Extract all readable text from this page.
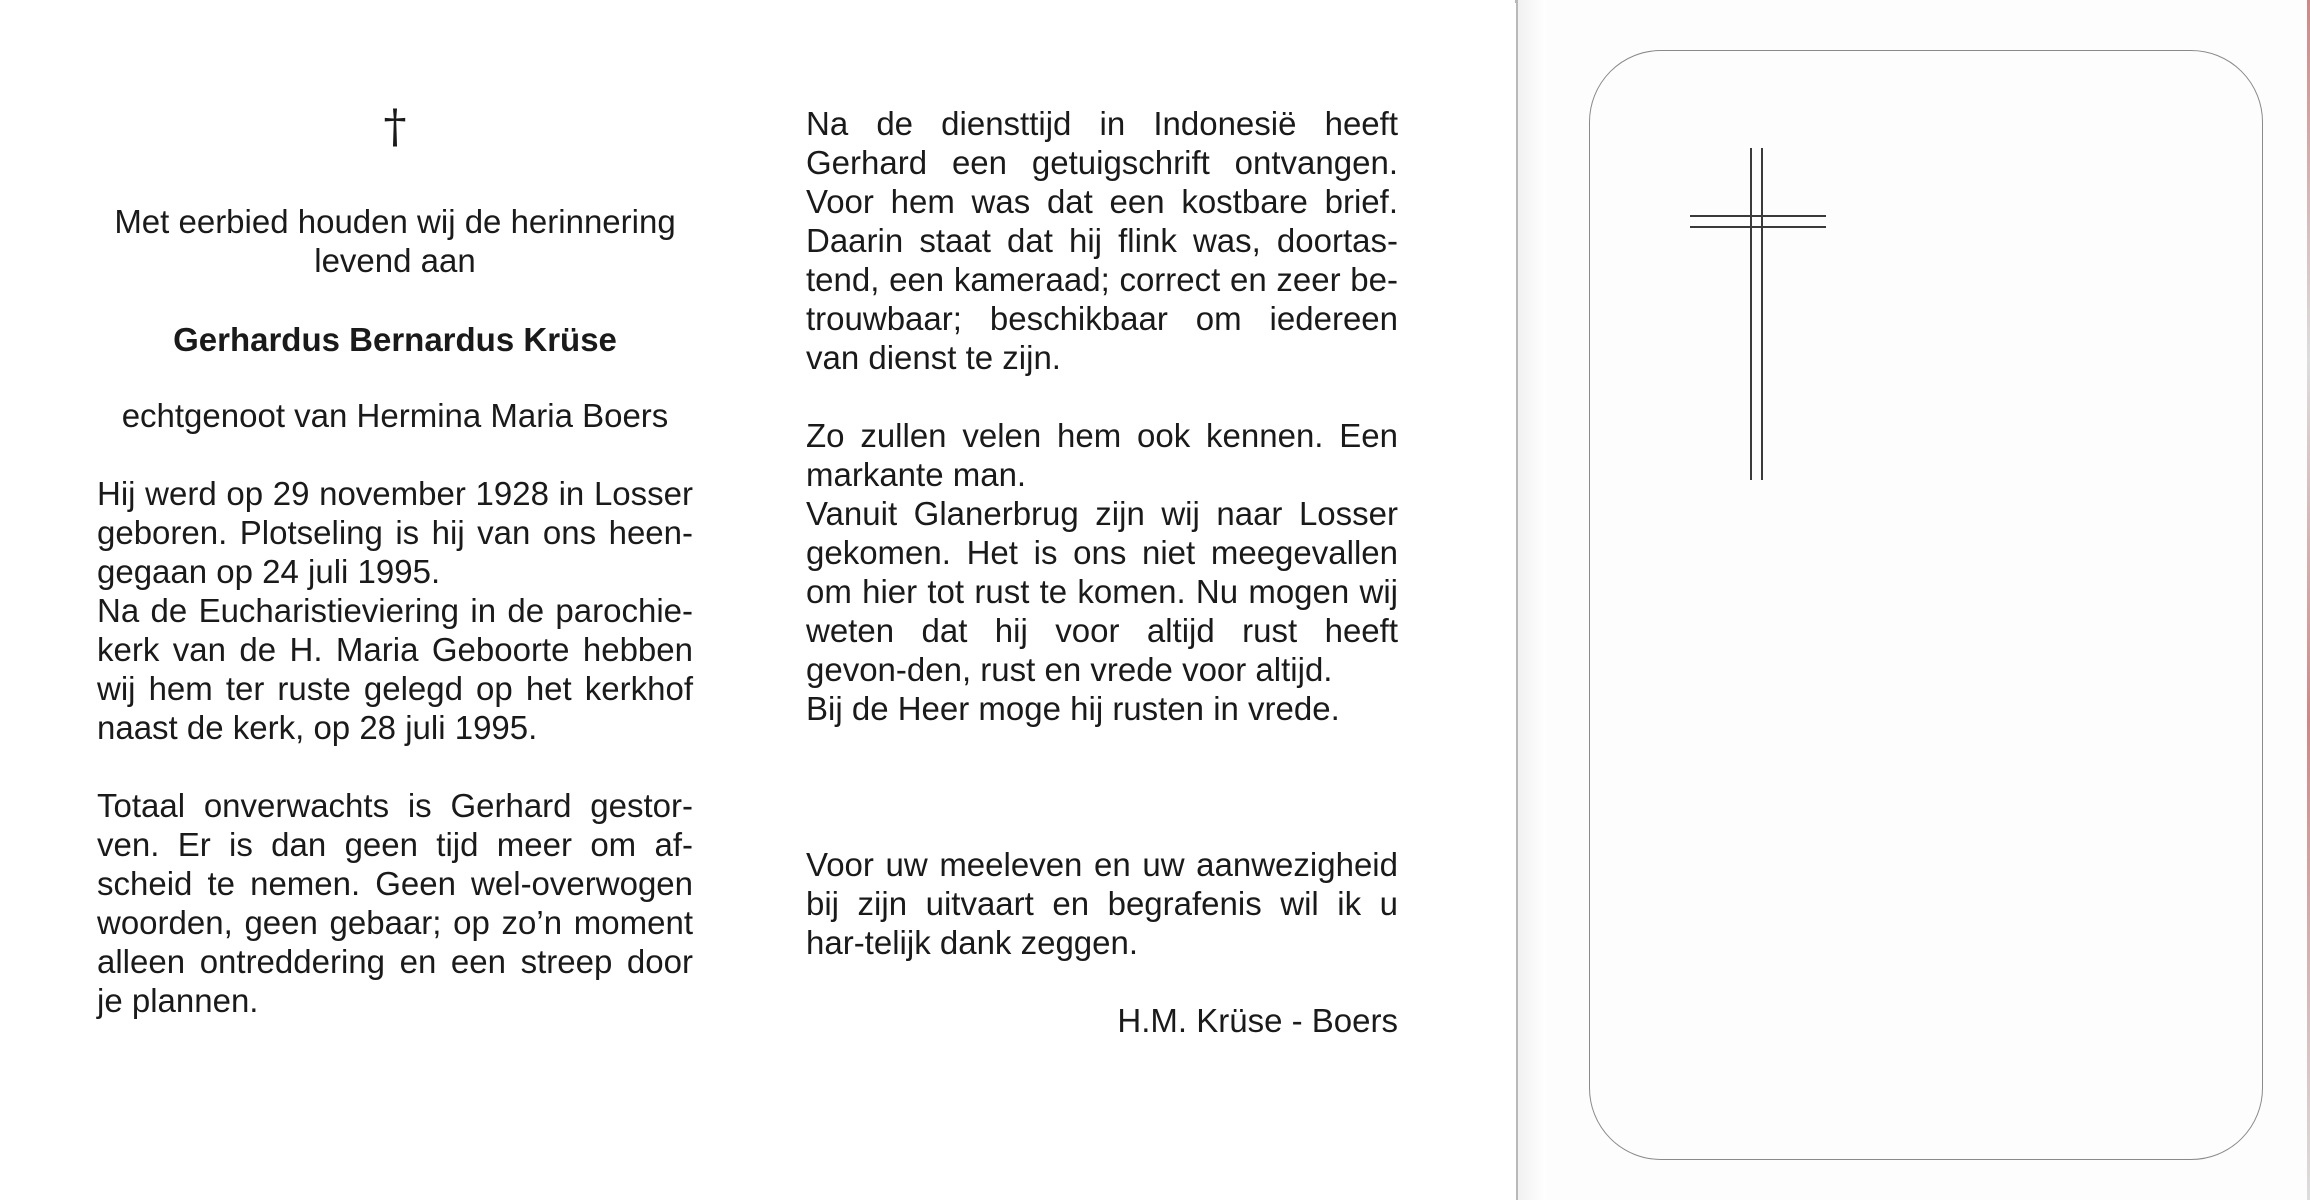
†

Met eerbied houden wij de herinnering

levend aan

Gerhardus Bernardus Krüse

echtgenoot van Hermina Maria Boers

Hij werd op 29 november 1928 in Losser geboren. Plotseling is hij van ons heen-gegaan op 24 juli 1995.

Na de Eucharistieviering in de parochie-kerk van de H. Maria Geboorte hebben wij hem ter ruste gelegd op het kerkhof naast de kerk, op 28 juli 1995.

Totaal onverwachts is Gerhard gestor-ven. Er is dan geen tijd meer om af-scheid te nemen. Geen wel-overwogen woorden, geen gebaar; op zo’n moment alleen ontreddering en een streep door je plannen.

Na de diensttijd in Indonesië heeft Gerhard een getuigschrift ontvangen. Voor hem was dat een kostbare brief. Daarin staat dat hij flink was, doortas-tend, een kameraad; correct en zeer be-trouwbaar; beschikbaar om iedereen van dienst te zijn.

Zo zullen velen hem ook kennen. Een markante man.

Vanuit Glanerbrug zijn wij naar Losser gekomen. Het is ons niet meegevallen om hier tot rust te komen. Nu mogen wij weten dat hij voor altijd rust heeft gevon-den, rust en vrede voor altijd.

Bij de Heer moge hij rusten in vrede.

Voor uw meeleven en uw aanwezigheid bij zijn uitvaart en begrafenis wil ik u har-telijk dank zeggen.

H.M. Krüse - Boers
